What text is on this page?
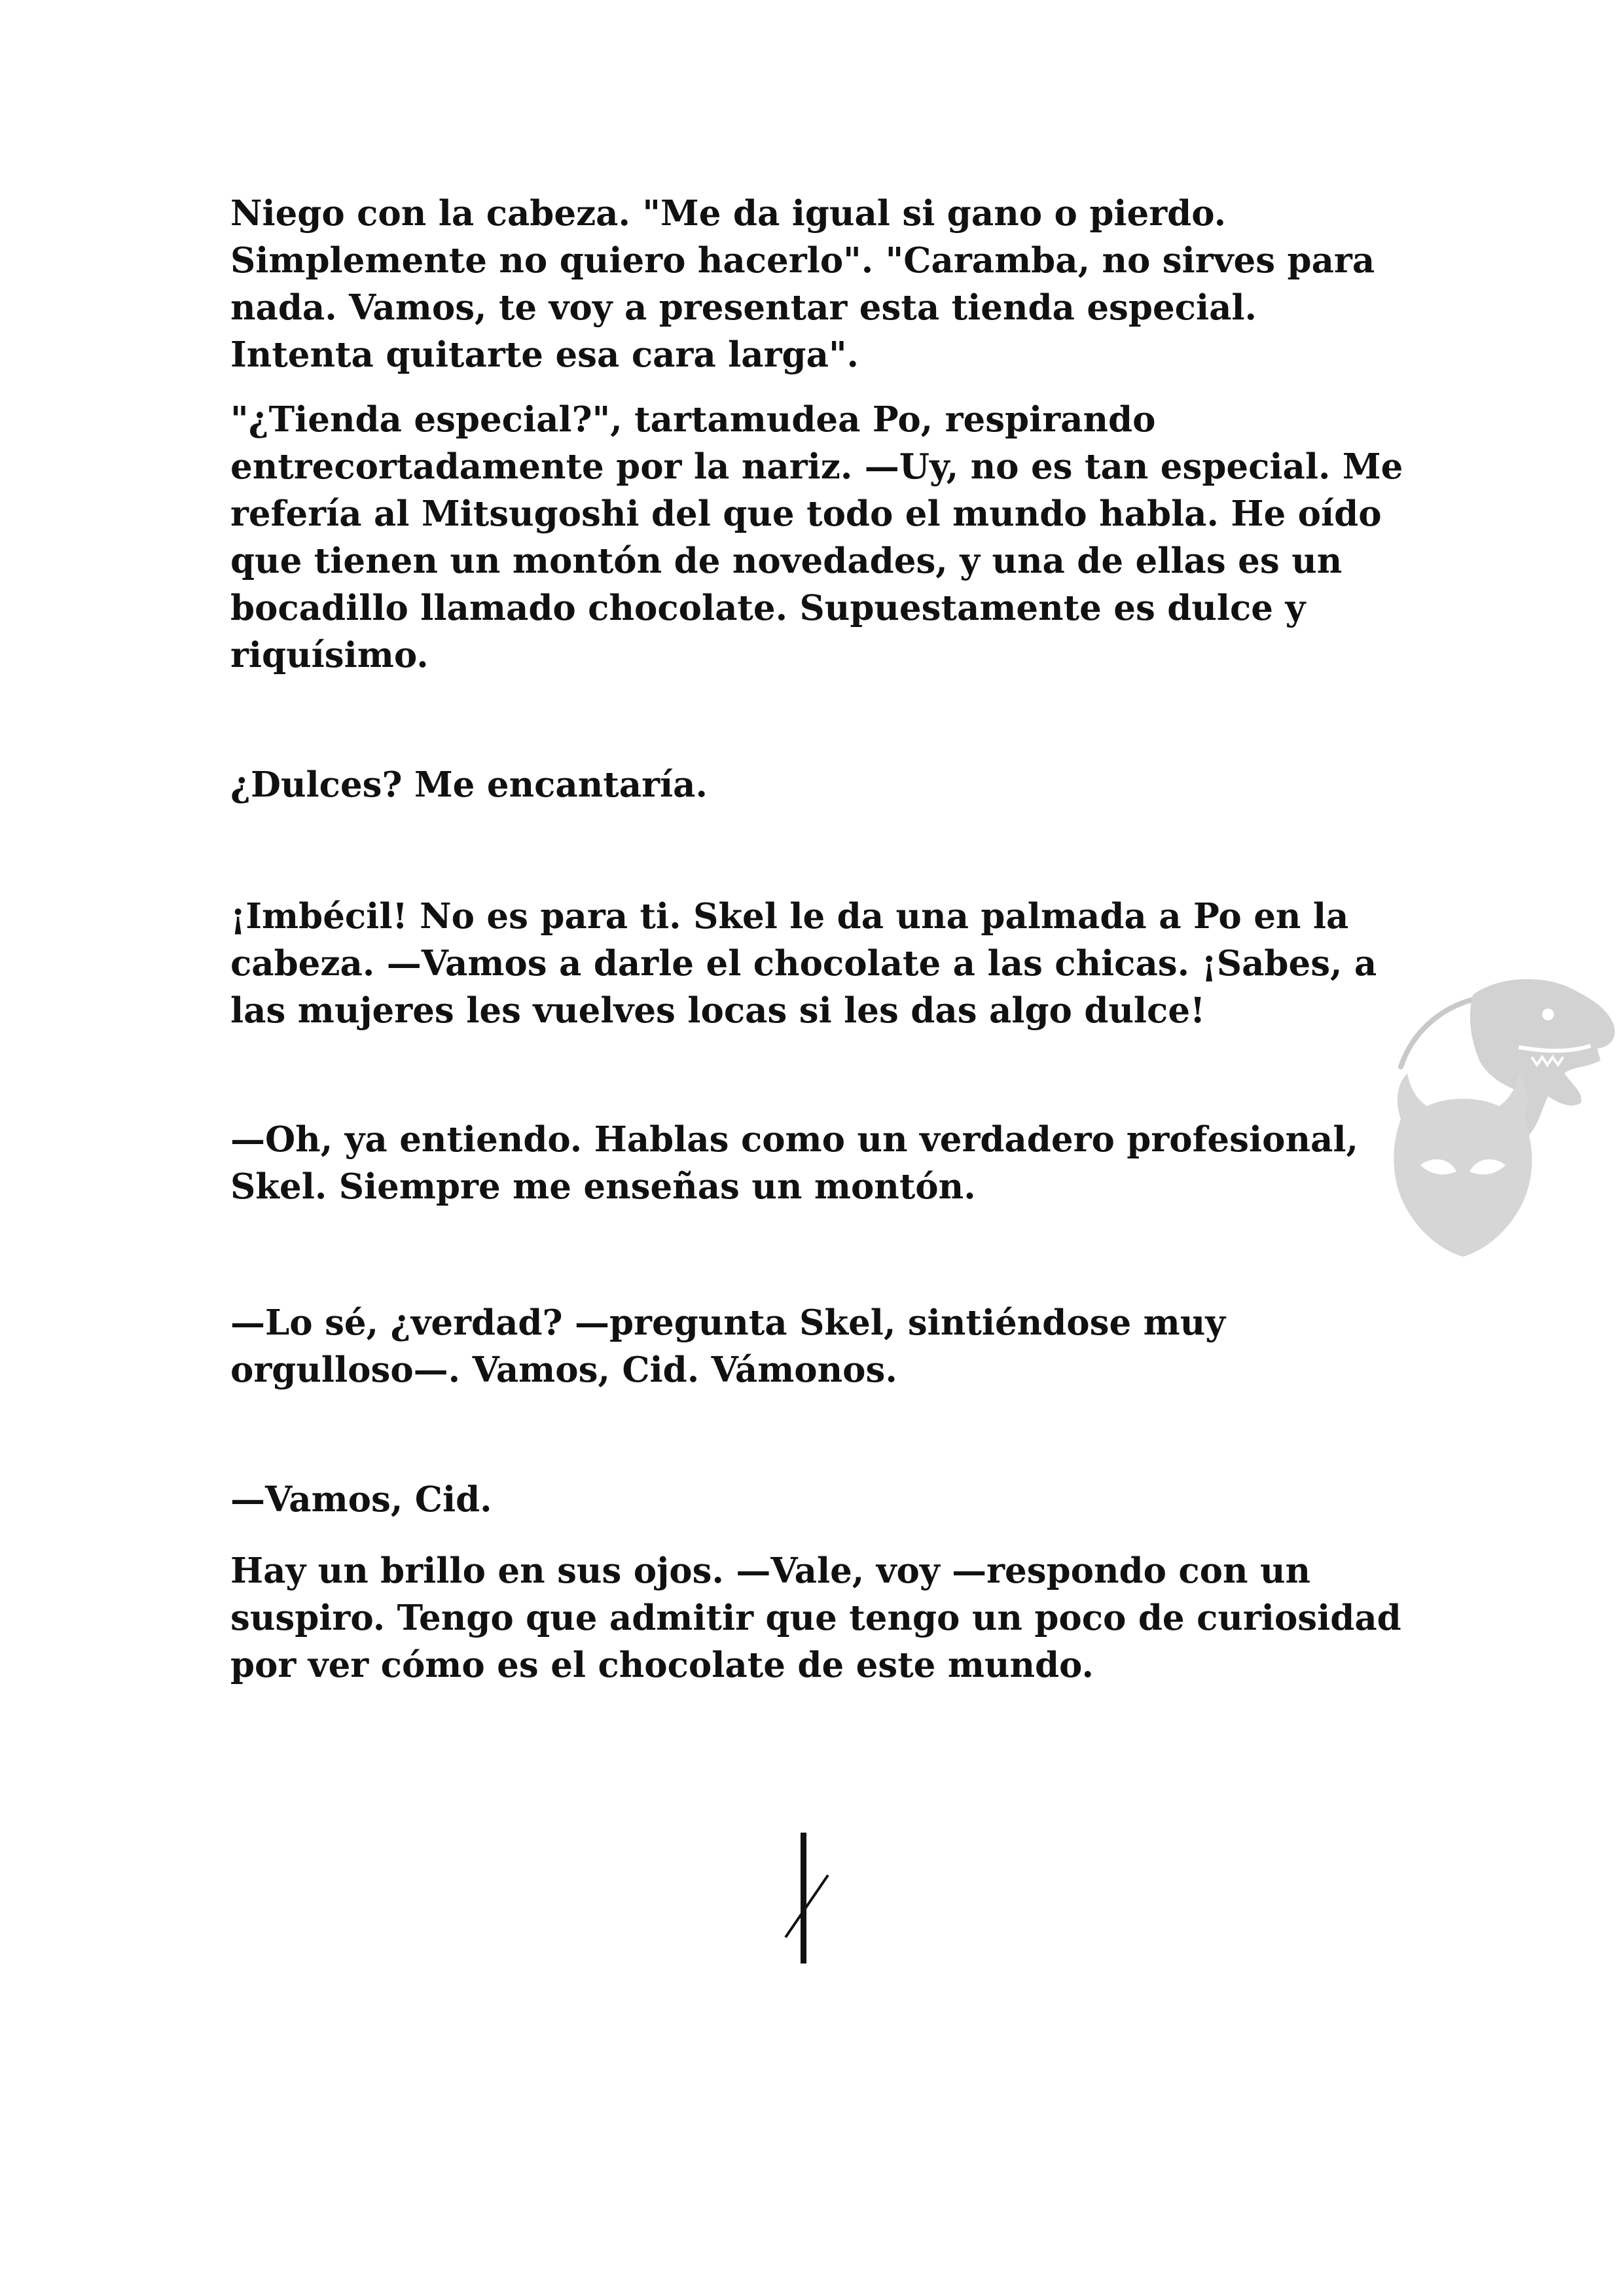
Niego con la cabeza. "Me da igual si gano o pierdo.
Simplemente no quiero hacerlo". "Caramba, no sirves para
nada. Vamos, te voy a presentar esta tienda especial.
Intenta quitarte esa cara larga".

"¿Tienda especial?", tartamudea Po, respirando
entrecortadamente por la nariz. —Uy, no es tan especial. Me
refería al Mitsugoshi del que todo el mundo habla. He oído
que tienen un montón de novedades, y una de ellas es un
bocadillo llamado chocolate. Supuestamente es dulce y
riquísimo.

¿Dulces? Me encantaría.

¡Imbécil! No es para ti. Skel le da una palmada a Po en la
cabeza. —Vamos a darle el chocolate a las chicas. ¡Sabes, a
las mujeres les vuelves locas si les das algo dulce!

—Oh, ya entiendo. Hablas como un verdadero profesional,
Skel. Siempre me enseñas un montón.

—Lo sé, ¿verdad? —pregunta Skel, sintiéndose muy
orgulloso—. Vamos, Cid. Vámonos.

—Vamos, Cid.

Hay un brillo en sus ojos. —Vale, voy —respondo con un
suspiro. Tengo que admitir que tengo un poco de curiosidad
por ver cómo es el chocolate de este mundo.
